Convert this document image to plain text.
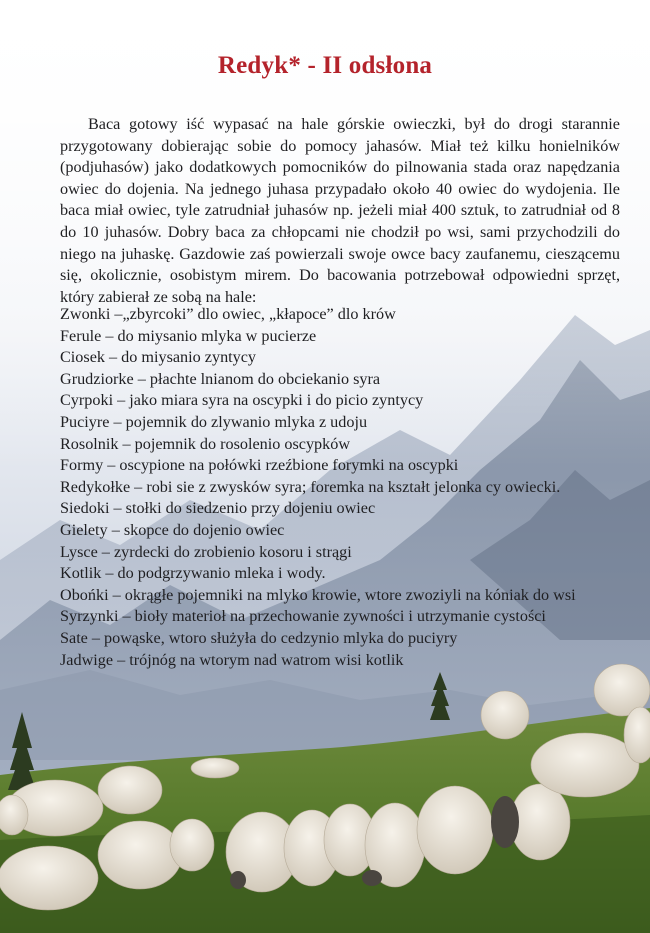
Redyk* - II odsłona

Baca gotowy iść wypasać na hale górskie owieczki, był do drogi starannie przygotowany dobierając sobie do pomocy jahasów. Miał też kilku honielników (podjuhasów) jako dodatkowych pomocników do pilnowania stada oraz napędzania owiec do dojenia. Na jednego juhasa przypadało około 40 owiec do wydojenia. Ile baca miał owiec, tyle zatrudniał juhasów np. jeżeli miał 400 sztuk, to zatrudniał od 8 do 10 juhasów. Dobry baca za chłopcami nie chodził po wsi, sami przychodzili do niego na juhaskę. Gazdowie zaś powierzali swoje owce bacy zaufanemu, cieszącemu się, okolicznie, osobistym mirem. Do bacowania potrzebował odpowiedni sprzęt, który zabierał ze sobą na hale:

Zwonki –„zbyrcoki” dlo owiec, „kłapoce” dlo krów
Ferule – do miysanio mlyka w pucierze
Ciosek – do miysanio zyntycy
Grudziorke – płachte lnianom do obciekanio syra
Cyrpoki – jako miara syra na oscypki i do picio zyntycy
Puciyre – pojemnik do zlywanio mlyka z udoju
Rosolnik – pojemnik do rosolenio oscypków
Formy – oscypione na połówki rzeźbione forymki na oscypki
Redykołke – robi sie z zwysków syra; foremka na kształt jelonka cy owiecki.
Siedoki – stołki do siedzenio przy dojeniu owiec
Gielety – skopce do dojenio owiec
Lysce – zyrdecki do zrobienio kosoru i strągi
Kotlik – do podgrzywanio mleka i wody.
Obońki – okrągłe pojemniki na mlyko krowie, wtore zwoziyli na kóniak do wsi
Syrzynki – bioły materioł na przechowanie zywności i utrzymanie cystości
Sate – powąske, wtoro służyła do cedzynio mlyka do puciyry
Jadwige – trójnóg na wtorym nad watrom wisi kotlik
